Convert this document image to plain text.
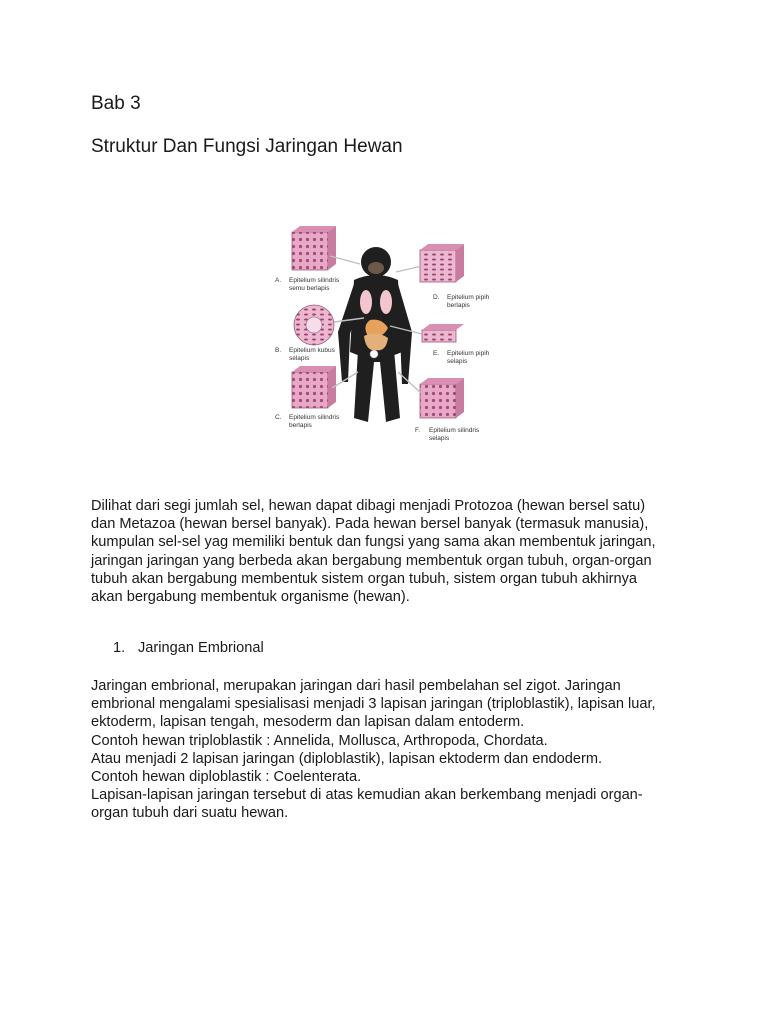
Bab 3
Struktur Dan Fungsi Jaringan Hewan
A. Epitelium silindris
semu berlapis
B. Epitelium kubus
selapis
C. Epitelium silindris
berlapis
D. Epitelium pipih
berlapis
E. Epitelium pipih
selapis
F. Epitelium silindris
selapis

Dilihat dari segi jumlah sel, hewan dapat dibagi menjadi Protozoa (hewan bersel satu)
dan Metazoa (hewan bersel banyak). Pada hewan bersel banyak (termasuk manusia),
kumpulan sel-sel yag memiliki bentuk dan fungsi yang sama akan membentuk jaringan,
jaringan jaringan yang berbeda akan bergabung membentuk organ tubuh, organ-organ
tubuh akan bergabung membentuk sistem organ tubuh, sistem organ tubuh akhirnya
akan bergabung membentuk organisme (hewan).

1. Jaringan Embrional

Jaringan embrional, merupakan jaringan dari hasil pembelahan sel zigot. Jaringan
embrional mengalami spesialisasi menjadi 3 lapisan jaringan (triploblastik), lapisan luar,
ektoderm, lapisan tengah, mesoderm dan lapisan dalam entoderm.
Contoh hewan triploblastik : Annelida, Mollusca, Arthropoda, Chordata.
Atau menjadi 2 lapisan jaringan (diploblastik), lapisan ektoderm dan endoderm.
Contoh hewan diploblastik : Coelenterata.
Lapisan-lapisan jaringan tersebut di atas kemudian akan berkembang menjadi organ-
organ tubuh dari suatu hewan.
